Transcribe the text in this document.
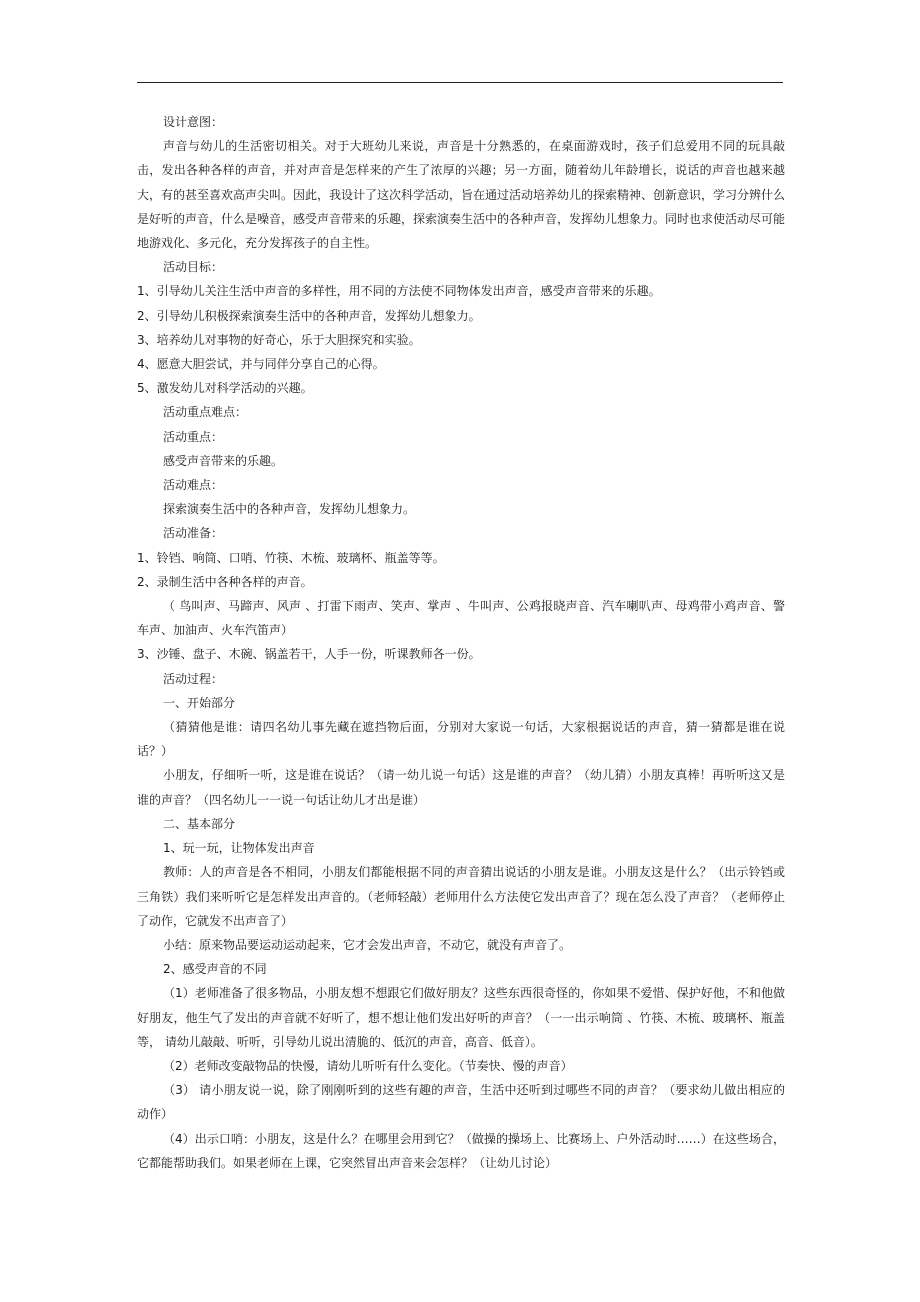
设计意图：

声音与幼儿的生活密切相关。对于大班幼儿来说，声音是十分熟悉的，在桌面游戏时，孩子们总爱用不同的玩具敲击，发出各种各样的声音，并对声音是怎样来的产生了浓厚的兴趣；另一方面，随着幼儿年龄增长，说话的声音也越来越大，有的甚至喜欢高声尖叫。因此，我设计了这次科学活动，旨在通过活动培养幼儿的探索精神、创新意识，学习分辨什么是好听的声音，什么是噪音，感受声音带来的乐趣，探索演奏生活中的各种声音，发挥幼儿想象力。同时也求使活动尽可能地游戏化、多元化，充分发挥孩子的自主性。

活动目标：

1、引导幼儿关注生活中声音的多样性，用不同的方法使不同物体发出声音，感受声音带来的乐趣。

2、引导幼儿积极探索演奏生活中的各种声音，发挥幼儿想象力。

3、培养幼儿对事物的好奇心，乐于大胆探究和实验。

4、愿意大胆尝试，并与同伴分享自己的心得。

5、激发幼儿对科学活动的兴趣。

活动重点难点：

活动重点：

感受声音带来的乐趣。

活动难点：

探索演奏生活中的各种声音，发挥幼儿想象力。

活动准备：

1、铃铛、响筒、口哨、竹筷、木梳、玻璃杯、瓶盖等等。

2、录制生活中各种各样的声音。

（ 鸟叫声、马蹄声、风声 、打雷下雨声、笑声、掌声 、牛叫声、公鸡报晓声音、汽车喇叭声、母鸡带小鸡声音、警车声、加油声、火车汽笛声）

3、沙锤、盘子、木碗、锅盖若干，人手一份，听课教师各一份。

活动过程：

一、开始部分

（猜猜他是谁：请四名幼儿事先藏在遮挡物后面，分别对大家说一句话，大家根据说话的声音，猜一猜都是谁在说话？）

小朋友，仔细听一听，这是谁在说话？（请一幼儿说一句话）这是谁的声音？（幼儿猜）小朋友真棒！再听听这又是谁的声音？（四名幼儿一一说一句话让幼儿才出是谁）

二、基本部分

1、玩一玩，让物体发出声音

教师：人的声音是各不相同，小朋友们都能根据不同的声音猜出说话的小朋友是谁。小朋友这是什么？（出示铃铛或三角铁）我们来听听它是怎样发出声音的。（老师轻敲）老师用什么方法使它发出声音了？现在怎么没了声音？（老师停止了动作，它就发不出声音了）

小结：原来物品要运动运动起来，它才会发出声音，不动它，就没有声音了。

2、感受声音的不同

（1）老师准备了很多物品，小朋友想不想跟它们做好朋友？这些东西很奇怪的，你如果不爱惜、保护好他，不和他做好朋友，他生气了发出的声音就不好听了，想不想让他们发出好听的声音？（一一出示响筒 、竹筷、木梳、玻璃杯、瓶盖等， 请幼儿敲敲、听听，引导幼儿说出清脆的、低沉的声音，高音、低音）。

（2）老师改变敲物品的快慢，请幼儿听听有什么变化。（节奏快、慢的声音）

（3） 请小朋友说一说，除了刚刚听到的这些有趣的声音，生活中还听到过哪些不同的声音？（要求幼儿做出相应的动作）

（4）出示口哨：小朋友，这是什么？在哪里会用到它？（做操的操场上、比赛场上、户外活动时……）在这些场合，它都能帮助我们。如果老师在上课，它突然冒出声音来会怎样？（让幼儿讨论）
